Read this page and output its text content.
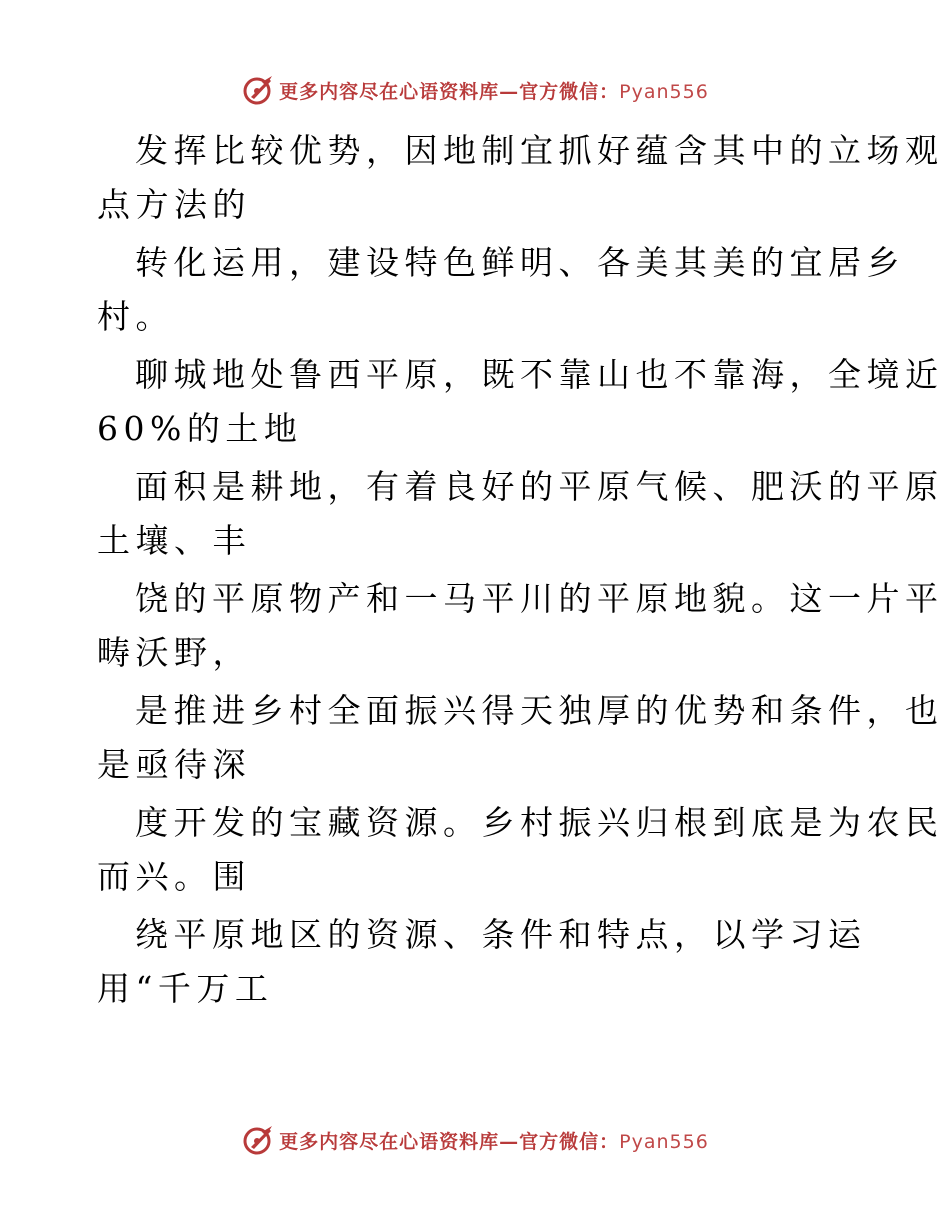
更多内容尽在心语资料库—官方微信：Pyan556
发挥比较优势，因地制宜抓好蕴含其中的立场观
点方法的
转化运用，建设特色鲜明、各美其美的宜居乡
村。
聊城地处鲁西平原，既不靠山也不靠海，全境近
60%的土地
面积是耕地，有着良好的平原气候、肥沃的平原
土壤、丰
饶的平原物产和一马平川的平原地貌。这一片平
畴沃野，
是推进乡村全面振兴得天独厚的优势和条件，也
是亟待深
度开发的宝藏资源。乡村振兴归根到底是为农民
而兴。围
绕平原地区的资源、条件和特点，以学习运
用“千万工
更多内容尽在心语资料库—官方微信：Pyan556
